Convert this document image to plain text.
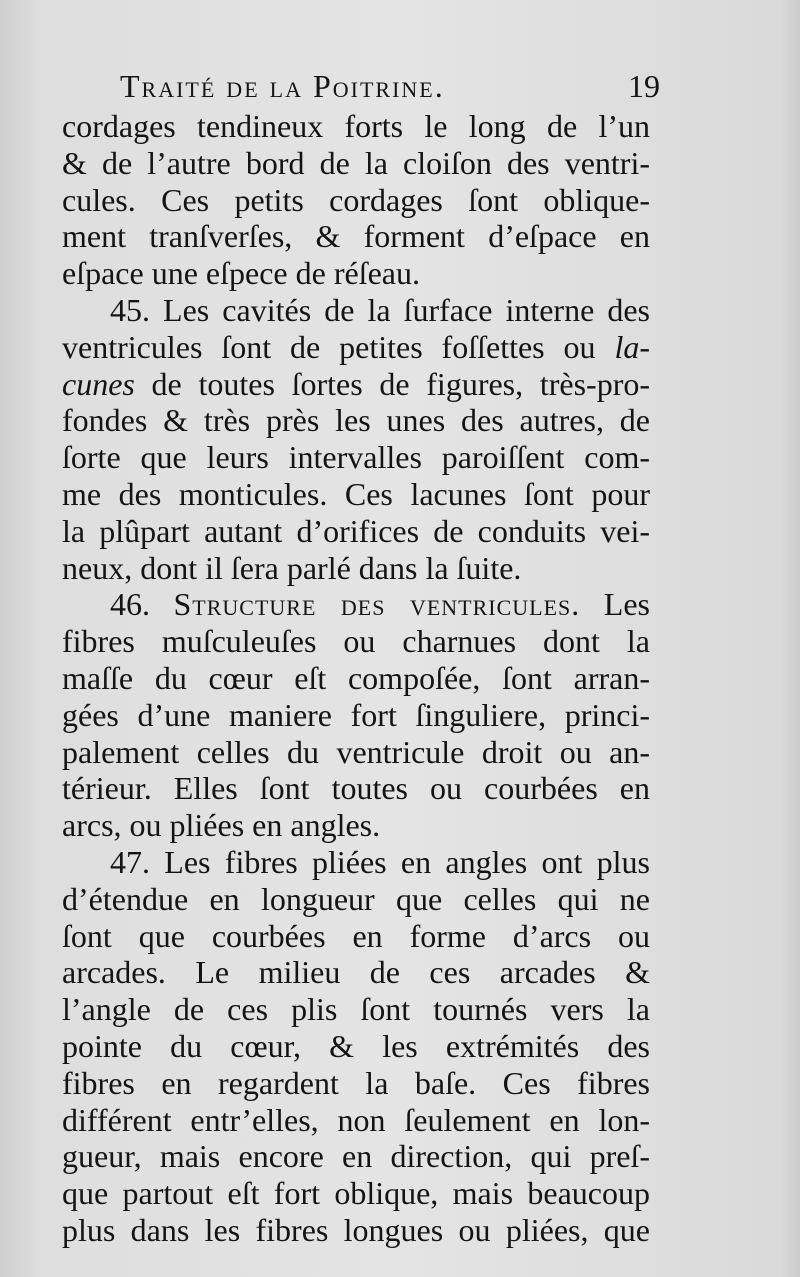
Traité de la Poitrine.	19
cordages tendineux forts le long de l’un
& de l’autre bord de la cloiſon des ventri-
cules. Ces petits cordages ſont oblique-
ment tranſverſes, & forment d’eſpace en
eſpace une eſpece de réſeau.
45. Les cavités de la ſurface interne des
ventricules ſont de petites foſſettes ou la-
cunes de toutes ſortes de figures, très-pro-
fondes & très près les unes des autres, de
ſorte que leurs intervalles paroiſſent com-
me des monticules. Ces lacunes ſont pour
la plûpart autant d’orifices de conduits vei-
neux, dont il ſera parlé dans la ſuite.
46. Structure des ventricules. Les
fibres muſculeuſes ou charnues dont la
maſſe du cœur eſt compoſée, ſont arran-
gées d’une maniere fort ſinguliere, princi-
palement celles du ventricule droit ou an-
térieur. Elles ſont toutes ou courbées en
arcs, ou pliées en angles.
47. Les fibres pliées en angles ont plus
d’étendue en longueur que celles qui ne
ſont que courbées en forme d’arcs ou
arcades. Le milieu de ces arcades &
l’angle de ces plis ſont tournés vers la
pointe du cœur, & les extrémités des
fibres en regardent la baſe. Ces fibres
différent entr’elles, non ſeulement en lon-
gueur, mais encore en direction, qui preſ-
que partout eſt fort oblique, mais beaucoup
plus dans les fibres longues ou pliées, que
